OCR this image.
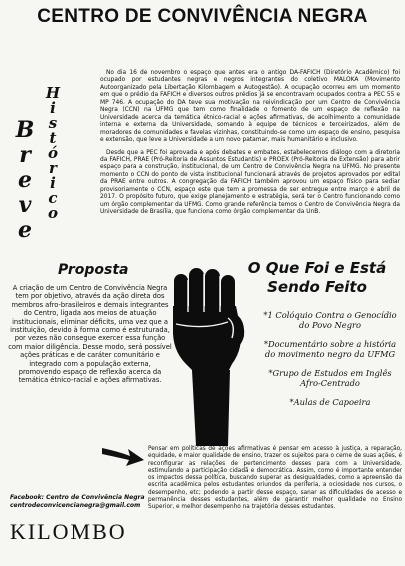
CENTRO DE CONVIVÊNCIA NEGRA
B
r
e
v
e
H
i
s
t
ó
r
i
c
o

No dia 16 de novembro o espaço que antes era o antigo DA-FAFICH (Diretório Acadêmico) foi ocupado por estudantes negras e negros integrantes do coletivo MALOKA (Movimento Autoorganizado pela Libertação Kilombagem e Autogestão). A ocupação ocorreu em um momento em que o prédio da FAFICH e diversos outros prédios já se encontravam ocupados contra a PEC 55 e MP 746. A ocupação do DA teve sua motivação na reivindicação por um Centro de Convivência Negra (CCN) na UFMG que tem como finalidade o fomento de um espaço de reflexão na Universidade acerca da temática étnico-racial e ações afirmativas, de acolhimento a comunidade interna e externa da Universidade, somando à equipe de técnicos e terceirizados, além de moradores de comunidades e favelas vizinhas, constituindo-se como um espaço de ensino, pesquisa e extensão, que leve a Universidade a um novo patamar, mais humanitário e inclusivo.

Desde que a PEC foi aprovada e após debates e embates, estabelecemos diálogo com a diretoria da FAFICH, PRAE (Pró-Reitoria de Assuntos Estudantis) e PROEX (Pró-Reitoria de Extensão) para abrir espaço para a construção, institucional, de um Centro de Convivência Negra na UFMG. No presente momento o CCN do ponto de vista institucional funcionará através de projetos aprovados por edital da PRAE entre outros. A congregação da FAFICH também aprovou um espaço físico para sediar provisoriamente o CCN, espaço este que tem a promessa de ser entregue entre março e abril de 2017. O propósito futuro, que exige planejamento e estratégia, será ter o Centro funcionando como um órgão complementar da UFMG. Como grande referência temos o Centro de Convivência Negra da Universidade de Brasília, que funciona como órgão complementar da UnB.

Proposta
A criação de um Centro de Convivência Negra tem por objetivo, através da ação direta dos membros afro-brasileiros e demais integrantes do Centro, ligada aos meios de atuação institucionais, eliminar déficits, uma vez que a instituição, devido à forma como é estruturada, por vezes não consegue exercer essa função com maior diligência. Desse modo, será possível ações práticas e de caráter comunitário e integrado com a população externa, promovendo espaço de reflexão acerca da temática étnico-racial e ações afirmativas.
O Que Foi e Está
Sendo Feito
*1 Colóquio Contra o Genocídio do Povo Negro
*Documentário sobre a história do movimento negro da UFMG
*Grupo de Estudos em Inglês Afro-Centrado
*Aulas de Capoeira
Pensar em políticas de ações afirmativas é pensar em acesso à justiça, a reparação, equidade, e maior qualidade de ensino, trazer os sujeitos para o cerne de suas ações, é reconfigurar as relações de pertencimento desses para com a Universidade, estimulando a participação cidadã e democrática. Assim, como é importante entender os impactos dessa política, buscando superar as desigualdades, como a apreensão da escrita acadêmica pelos estudantes oriundos da periferia, a ociosidade nos cursos, o desempenho, etc; podendo a partir desse espaço, sanar as dificuldades de acesso e permanência desses estudantes, além de garantir melhor qualidade no Ensino Superior, e melhor desempenho na trajetória desses estudantes.
Facebook: Centro de Convivência Negra
centrodeconvicencianegra@gmail.com
KILOMBO
